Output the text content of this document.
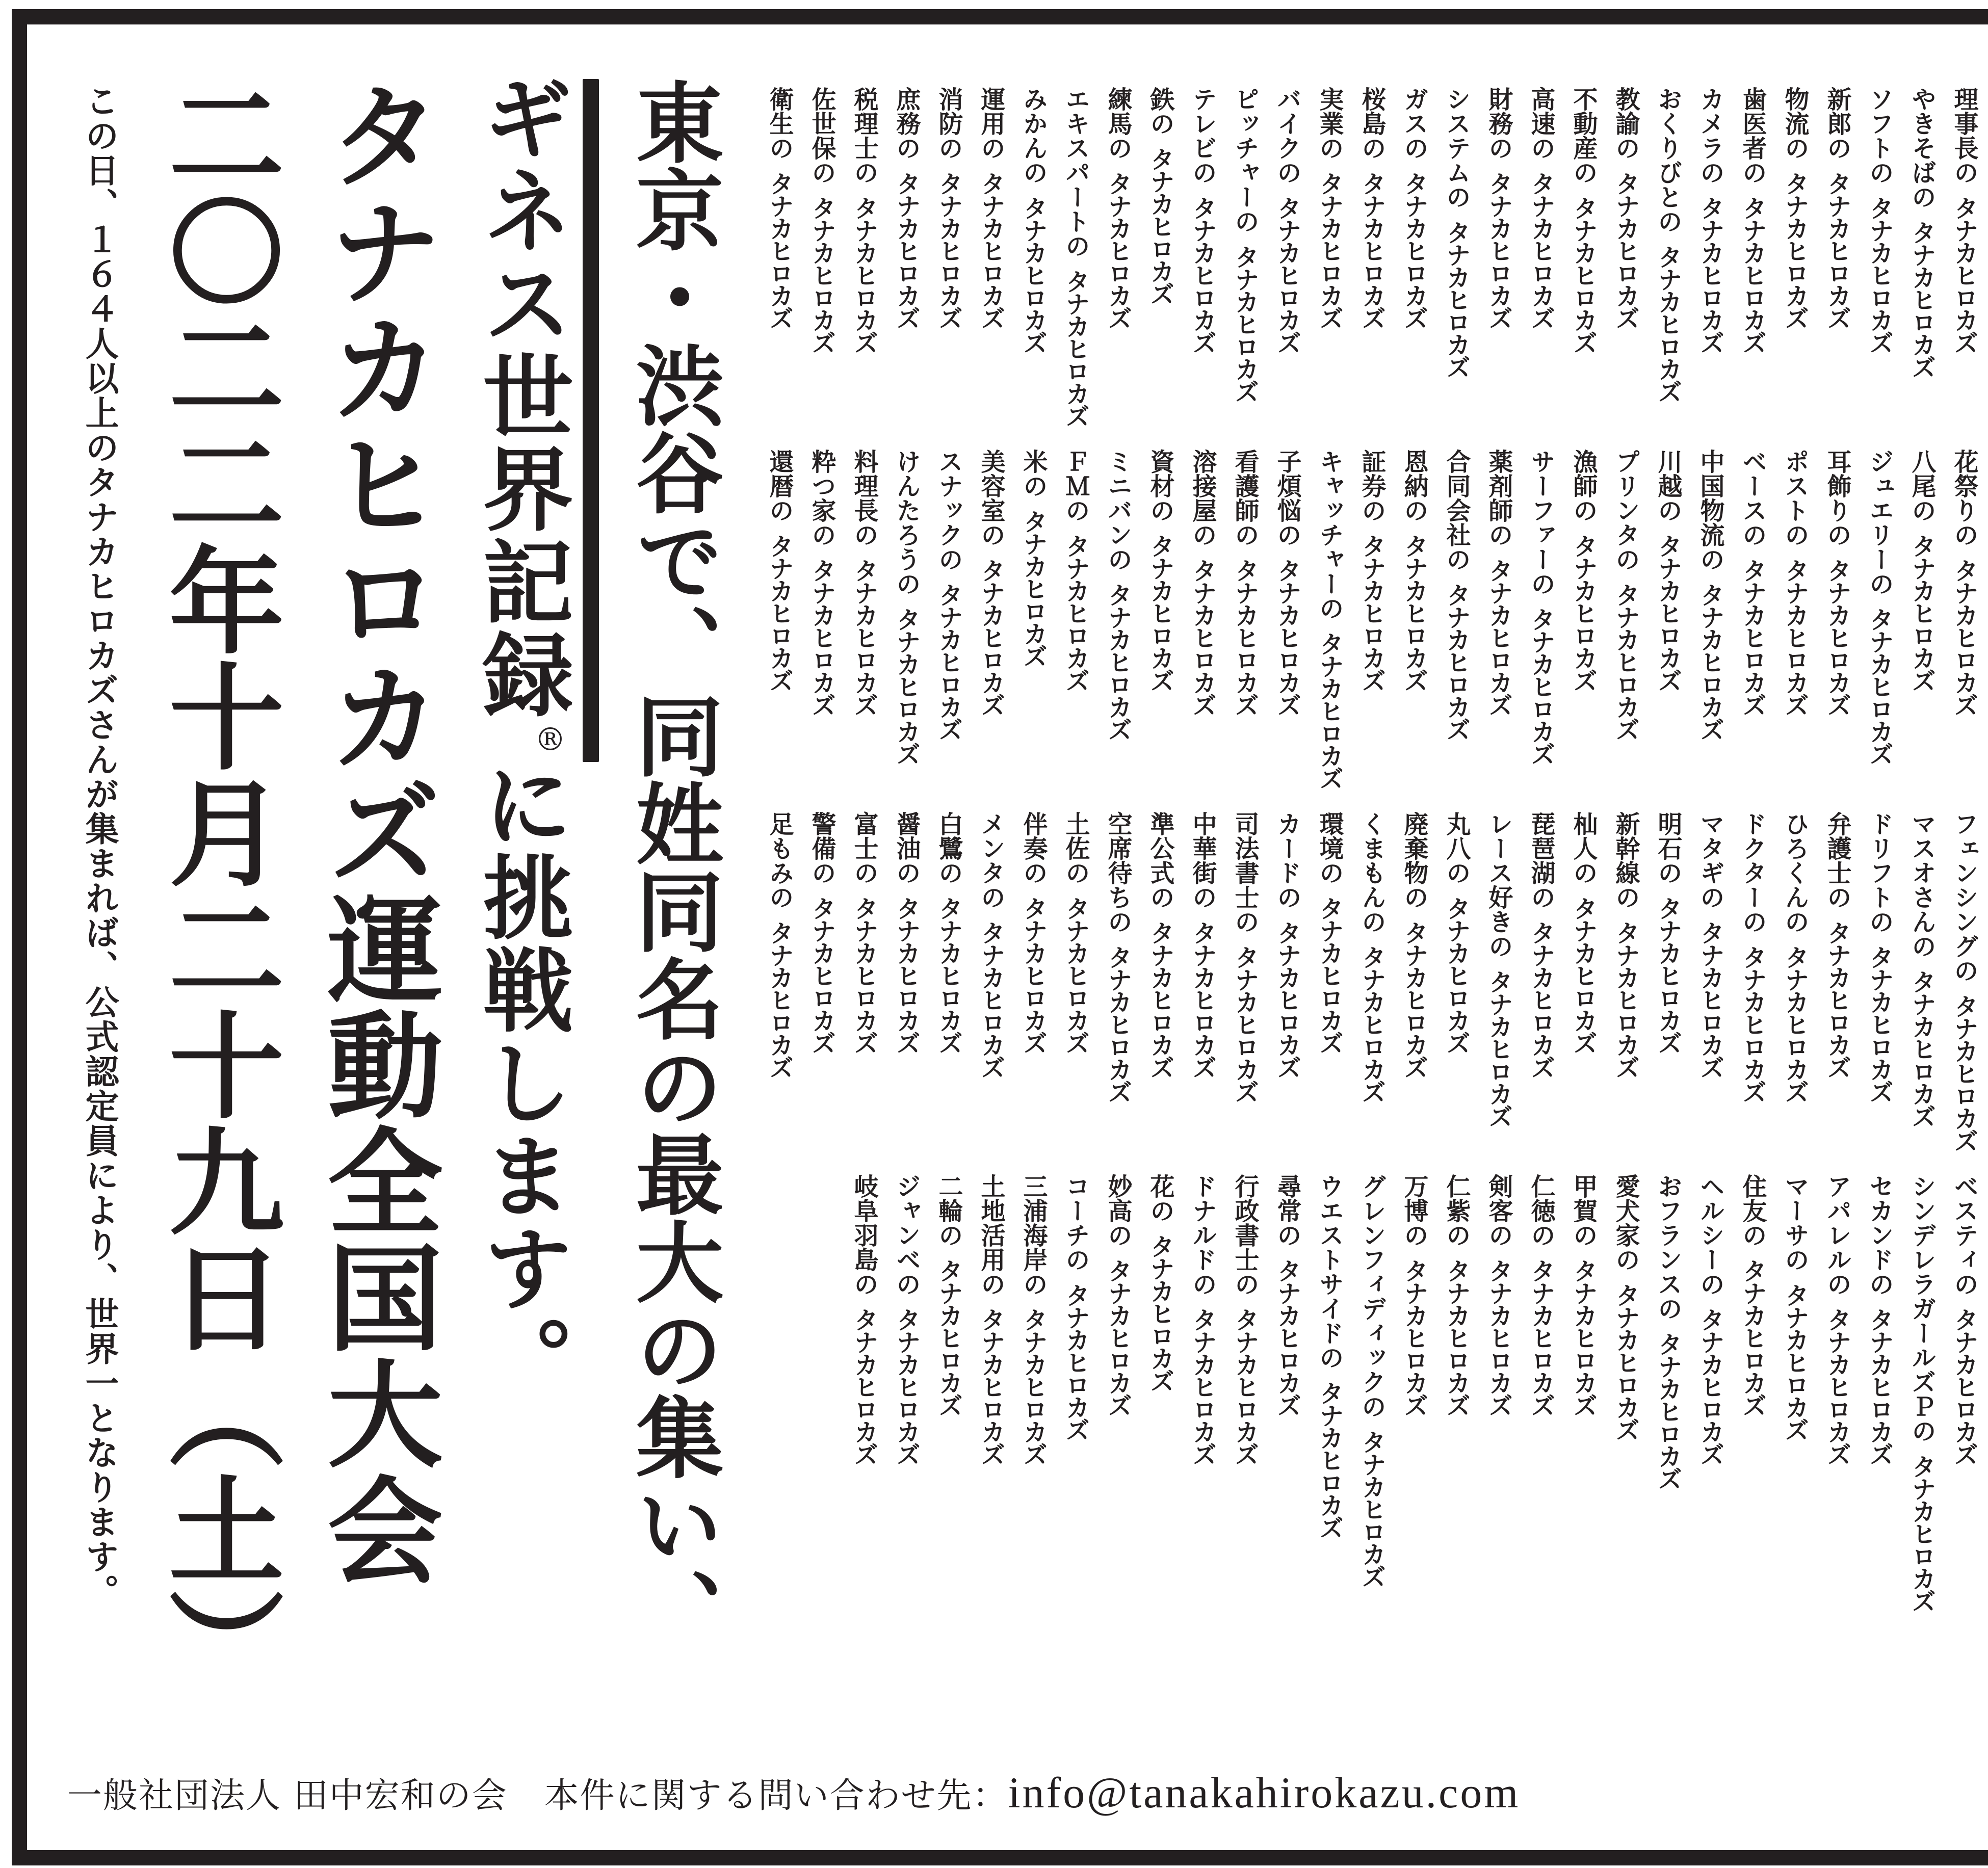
理事長のタナカヒロカズ
やきそばのタナカヒロカズ
ソフトのタナカヒロカズ
新郎のタナカヒロカズ
物流のタナカヒロカズ
歯医者のタナカヒロカズ
カメラのタナカヒロカズ
おくりびとのタナカヒロカズ
教諭のタナカヒロカズ
不動産のタナカヒロカズ
高速のタナカヒロカズ
財務のタナカヒロカズ
システムのタナカヒロカズ
ガスのタナカヒロカズ
桜島のタナカヒロカズ
実業のタナカヒロカズ
バイクのタナカヒロカズ
ピッチャーのタナカヒロカズ
テレビのタナカヒロカズ
鉄のタナカヒロカズ
練馬のタナカヒロカズ
エキスパートのタナカヒロカズ
みかんのタナカヒロカズ
運用のタナカヒロカズ
消防のタナカヒロカズ
庶務のタナカヒロカズ
税理士のタナカヒロカズ
佐世保のタナカヒロカズ
衛生のタナカヒロカズ
花祭りのタナカヒロカズ
八尾のタナカヒロカズ
ジュエリーのタナカヒロカズ
耳飾りのタナカヒロカズ
ポストのタナカヒロカズ
ベースのタナカヒロカズ
中国物流のタナカヒロカズ
川越のタナカヒロカズ
プリンタのタナカヒロカズ
漁師のタナカヒロカズ
サーファーのタナカヒロカズ
薬剤師のタナカヒロカズ
合同会社のタナカヒロカズ
恩納のタナカヒロカズ
証券のタナカヒロカズ
キャッチャーのタナカヒロカズ
子煩悩のタナカヒロカズ
看護師のタナカヒロカズ
溶接屋のタナカヒロカズ
資材のタナカヒロカズ
ミニバンのタナカヒロカズ
ＦＭのタナカヒロカズ
米のタナカヒロカズ
美容室のタナカヒロカズ
スナックのタナカヒロカズ
けんたろうのタナカヒロカズ
料理長のタナカヒロカズ
粋つ家のタナカヒロカズ
還暦のタナカヒロカズ
フェンシングのタナカヒロカズ
マスオさんのタナカヒロカズ
ドリフトのタナカヒロカズ
弁護士のタナカヒロカズ
ひろくんのタナカヒロカズ
ドクターのタナカヒロカズ
マタギのタナカヒロカズ
明石のタナカヒロカズ
新幹線のタナカヒロカズ
杣人のタナカヒロカズ
琵琶湖のタナカヒロカズ
レース好きのタナカヒロカズ
丸八のタナカヒロカズ
廃棄物のタナカヒロカズ
くまもんのタナカヒロカズ
環境のタナカヒロカズ
カードのタナカヒロカズ
司法書士のタナカヒロカズ
中華街のタナカヒロカズ
準公式のタナカヒロカズ
空席待ちのタナカヒロカズ
土佐のタナカヒロカズ
伴奏のタナカヒロカズ
メンタのタナカヒロカズ
白鷺のタナカヒロカズ
醤油のタナカヒロカズ
富士のタナカヒロカズ
警備のタナカヒロカズ
足もみのタナカヒロカズ
ベスティのタナカヒロカズ
シンデレラガールズＰのタナカヒロカズ
セカンドのタナカヒロカズ
アパレルのタナカヒロカズ
マーサのタナカヒロカズ
住友のタナカヒロカズ
ヘルシーのタナカヒロカズ
おフランスのタナカヒロカズ
愛犬家のタナカヒロカズ
甲賀のタナカヒロカズ
仁徳のタナカヒロカズ
剣客のタナカヒロカズ
仁紫のタナカヒロカズ
万博のタナカヒロカズ
グレンフィディックのタナカヒロカズ
ウエストサイドのタナカヒロカズ
尋常のタナカヒロカズ
行政書士のタナカヒロカズ
ドナルドのタナカヒロカズ
花のタナカヒロカズ
妙高のタナカヒロカズ
コーチのタナカヒロカズ
三浦海岸のタナカヒロカズ
土地活用のタナカヒロカズ
二輪のタナカヒロカズ
ジャンベのタナカヒロカズ
岐阜羽島のタナカヒロカズ
東京・渋谷で、同姓同名の最大の集い、
ギネス世界記録®に挑戦します。
タナカヒロカズ運動全国大会
二〇二二年十月二十九日（土）
この日、１６４人以上のタナカヒロカズさんが集まれば、公式認定員により、世界一となります。
一般社団法人 田中宏和の会 本件に関する問い合わせ先：info@tanakahirokazu.com
